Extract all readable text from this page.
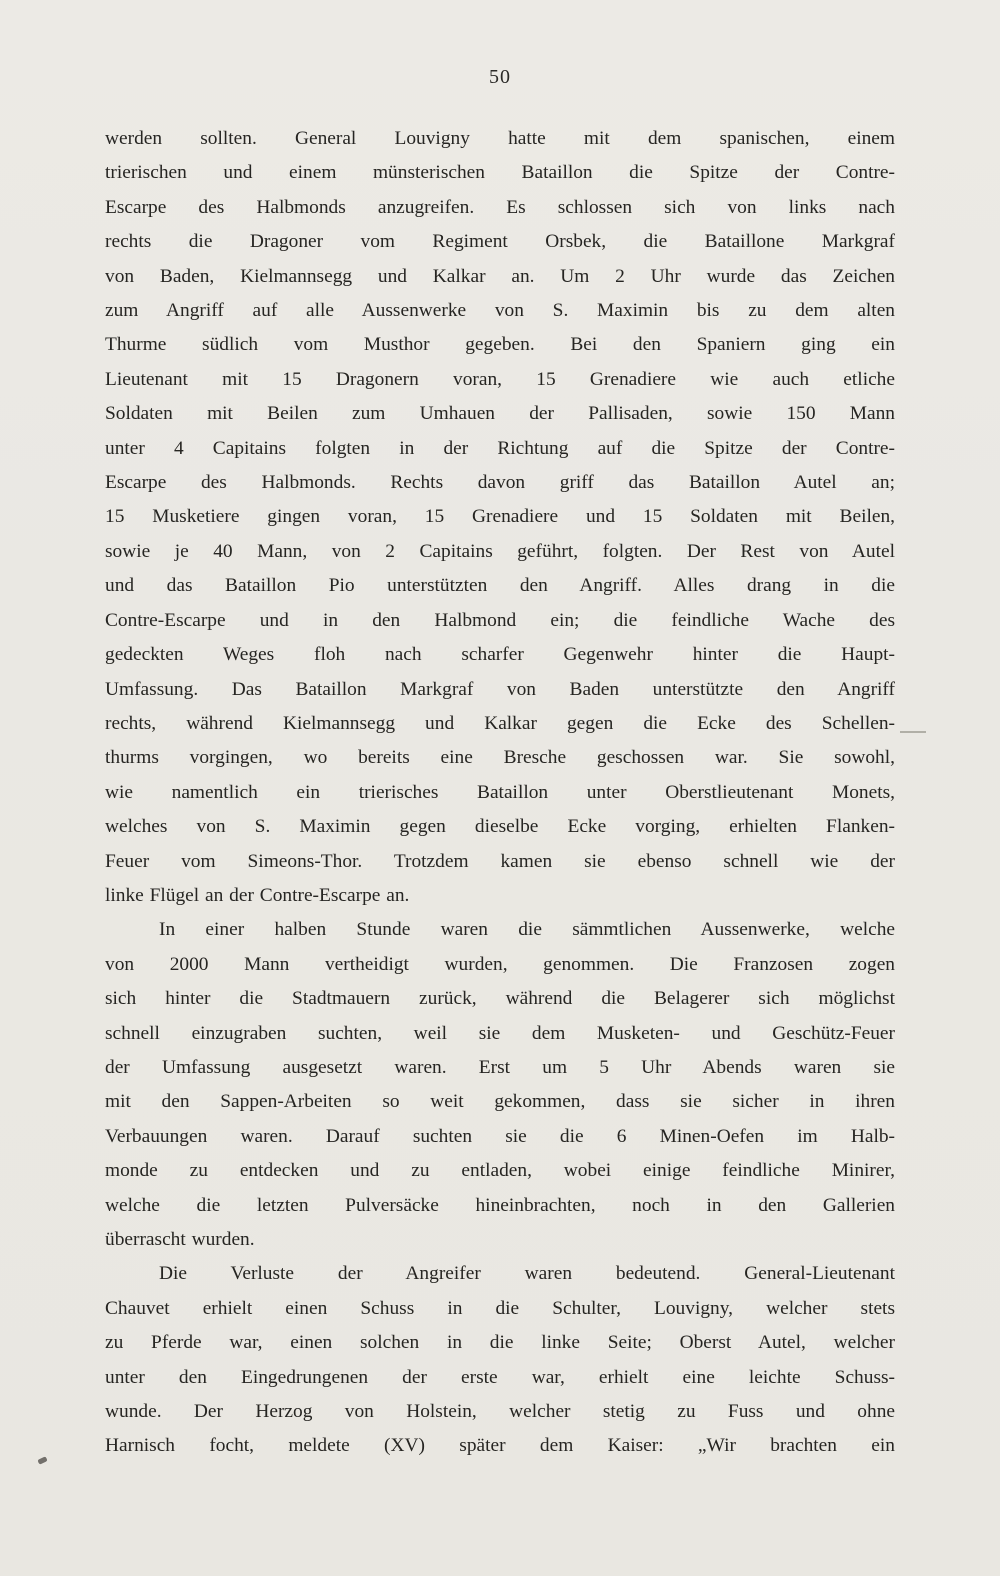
50
werden sollten. General Louvigny hatte mit dem spanischen, einem
trierischen und einem münsterischen Bataillon die Spitze der Contre-
Escarpe des Halbmonds anzugreifen. Es schlossen sich von links nach
rechts die Dragoner vom Regiment Orsbek, die Bataillone Markgraf
von Baden, Kielmannsegg und Kalkar an. Um 2 Uhr wurde das Zeichen
zum Angriff auf alle Aussenwerke von S. Maximin bis zu dem alten
Thurme südlich vom Musthor gegeben. Bei den Spaniern ging ein
Lieutenant mit 15 Dragonern voran, 15 Grenadiere wie auch etliche
Soldaten mit Beilen zum Umhauen der Pallisaden, sowie 150 Mann
unter 4 Capitains folgten in der Richtung auf die Spitze der Contre-
Escarpe des Halbmonds. Rechts davon griff das Bataillon Autel an;
15 Musketiere gingen voran, 15 Grenadiere und 15 Soldaten mit Beilen,
sowie je 40 Mann, von 2 Capitains geführt, folgten. Der Rest von Autel
und das Bataillon Pio unterstützten den Angriff. Alles drang in die
Contre-Escarpe und in den Halbmond ein; die feindliche Wache des
gedeckten Weges floh nach scharfer Gegenwehr hinter die Haupt-
Umfassung. Das Bataillon Markgraf von Baden unterstützte den Angriff
rechts, während Kielmannsegg und Kalkar gegen die Ecke des Schellen-
thurms vorgingen, wo bereits eine Bresche geschossen war. Sie sowohl,
wie namentlich ein trierisches Bataillon unter Oberstlieutenant Monets,
welches von S. Maximin gegen dieselbe Ecke vorging, erhielten Flanken-
Feuer vom Simeons-Thor. Trotzdem kamen sie ebenso schnell wie der
linke Flügel an der Contre-Escarpe an.
In einer halben Stunde waren die sämmtlichen Aussenwerke, welche
von 2000 Mann vertheidigt wurden, genommen. Die Franzosen zogen
sich hinter die Stadtmauern zurück, während die Belagerer sich möglichst
schnell einzugraben suchten, weil sie dem Musketen- und Geschütz-Feuer
der Umfassung ausgesetzt waren. Erst um 5 Uhr Abends waren sie
mit den Sappen-Arbeiten so weit gekommen, dass sie sicher in ihren
Verbauungen waren. Darauf suchten sie die 6 Minen-Oefen im Halb-
monde zu entdecken und zu entladen, wobei einige feindliche Minirer,
welche die letzten Pulversäcke hineinbrachten, noch in den Gallerien
überrascht wurden.
Die Verluste der Angreifer waren bedeutend. General-Lieutenant
Chauvet erhielt einen Schuss in die Schulter, Louvigny, welcher stets
zu Pferde war, einen solchen in die linke Seite; Oberst Autel, welcher
unter den Eingedrungenen der erste war, erhielt eine leichte Schuss-
wunde. Der Herzog von Holstein, welcher stetig zu Fuss und ohne
Harnisch focht, meldete (XV) später dem Kaiser: „Wir brachten ein
